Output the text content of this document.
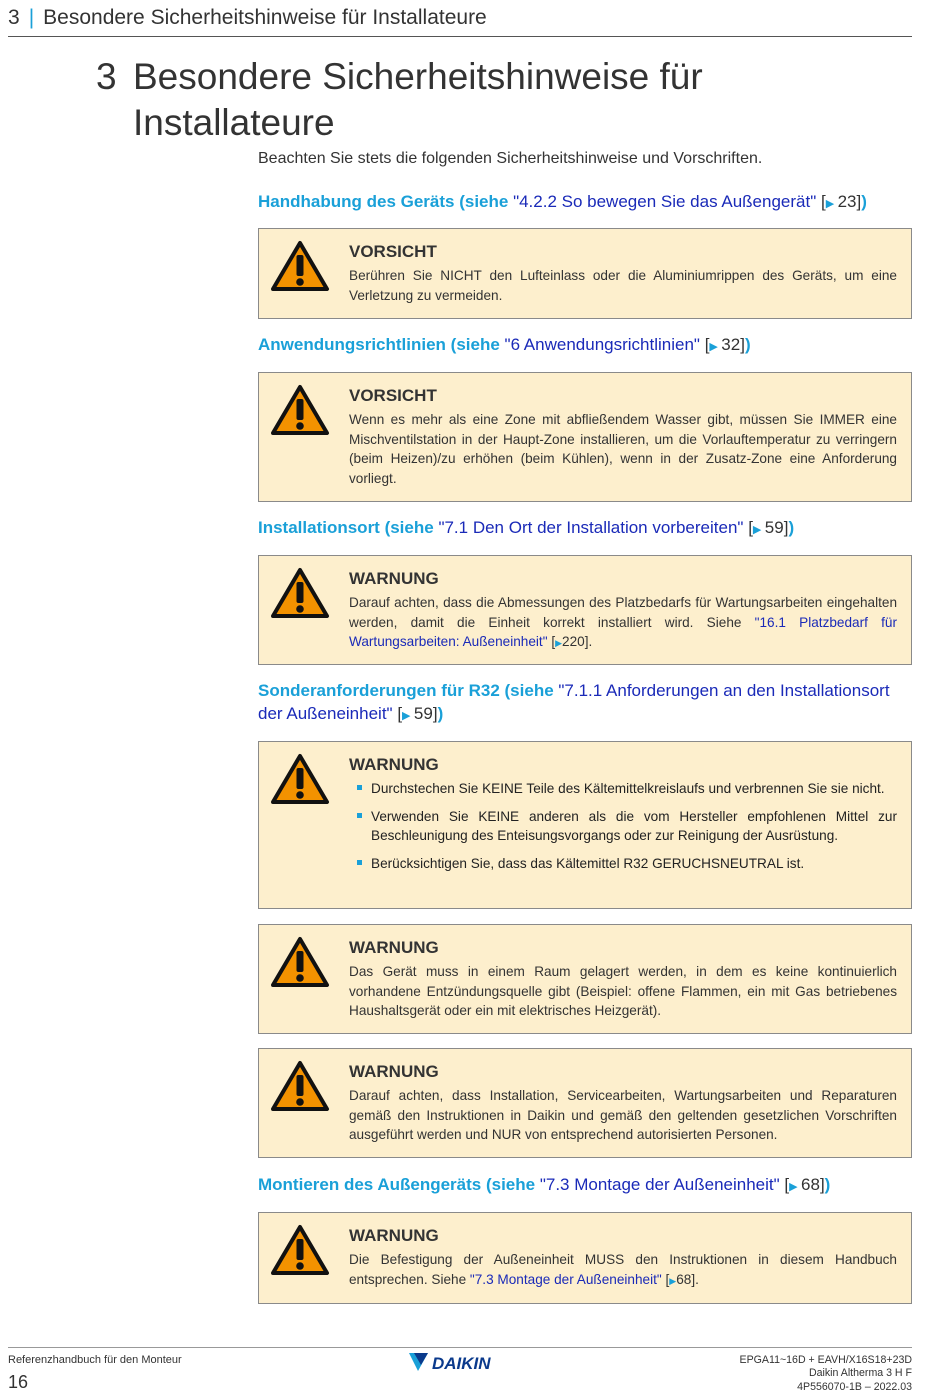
3 | Besondere Sicherheitshinweise für Installateure
3 Besondere Sicherheitshinweise für Installateure

Beachten Sie stets die folgenden Sicherheitshinweise und Vorschriften.

Handhabung des Geräts (siehe "4.2.2 So bewegen Sie das Außengerät" [▶  23])
VORSICHT
Berühren Sie NICHT den Lufteinlass oder die Aluminiumrippen des Geräts, um eine Verletzung zu vermeiden.
Anwendungsrichtlinien (siehe "6 Anwendungsrichtlinien" [▶  32])
VORSICHT
Wenn es mehr als eine Zone mit abfließendem Wasser gibt, müssen Sie IMMER eine Mischventilstation in der Haupt-Zone installieren, um die Vorlauftemperatur zu verringern (beim Heizen)/zu erhöhen (beim Kühlen), wenn in der Zusatz-Zone eine Anforderung vorliegt.
Installationsort (siehe "7.1 Den Ort der Installation vorbereiten" [▶  59])
WARNUNG
Darauf achten, dass die Abmessungen des Platzbedarfs für Wartungsarbeiten eingehalten werden, damit die Einheit korrekt installiert wird. Siehe "16.1 Platzbedarf für Wartungsarbeiten: Außeneinheit" [▶220].
Sonderanforderungen für R32 (siehe "7.1.1 Anforderungen an den Installationsort der Außeneinheit" [▶  59])
WARNUNG
Durchstechen Sie KEINE Teile des Kältemittelkreislaufs und verbrennen Sie sie nicht.
Verwenden Sie KEINE anderen als die vom Hersteller empfohlenen Mittel zur Beschleunigung des Enteisungsvorgangs oder zur Reinigung der Ausrüstung.
Berücksichtigen Sie, dass das Kältemittel R32 GERUCHSNEUTRAL ist.
WARNUNG
Das Gerät muss in einem Raum gelagert werden, in dem es keine kontinuierlich vorhandene Entzündungsquelle gibt (Beispiel: offene Flammen, ein mit Gas betriebenes Haushaltsgerät oder ein mit elektrisches Heizgerät).
WARNUNG
Darauf achten, dass Installation, Servicearbeiten, Wartungsarbeiten und Reparaturen gemäß den Instruktionen in Daikin und gemäß den geltenden gesetzlichen Vorschriften ausgeführt werden und NUR von entsprechend autorisierten Personen.
Montieren des Außengeräts (siehe "7.3 Montage der Außeneinheit" [▶  68])
WARNUNG
Die Befestigung der Außeneinheit MUSS den Instruktionen in diesem Handbuch entsprechen. Siehe "7.3 Montage der Außeneinheit" [▶68].
Referenzhandbuch für den Monteur
16
DAIKIN	EPGA11~16D + EAVH/X16S18+23D
Daikin Altherma 3 H F
4P556070-1B – 2022.03
